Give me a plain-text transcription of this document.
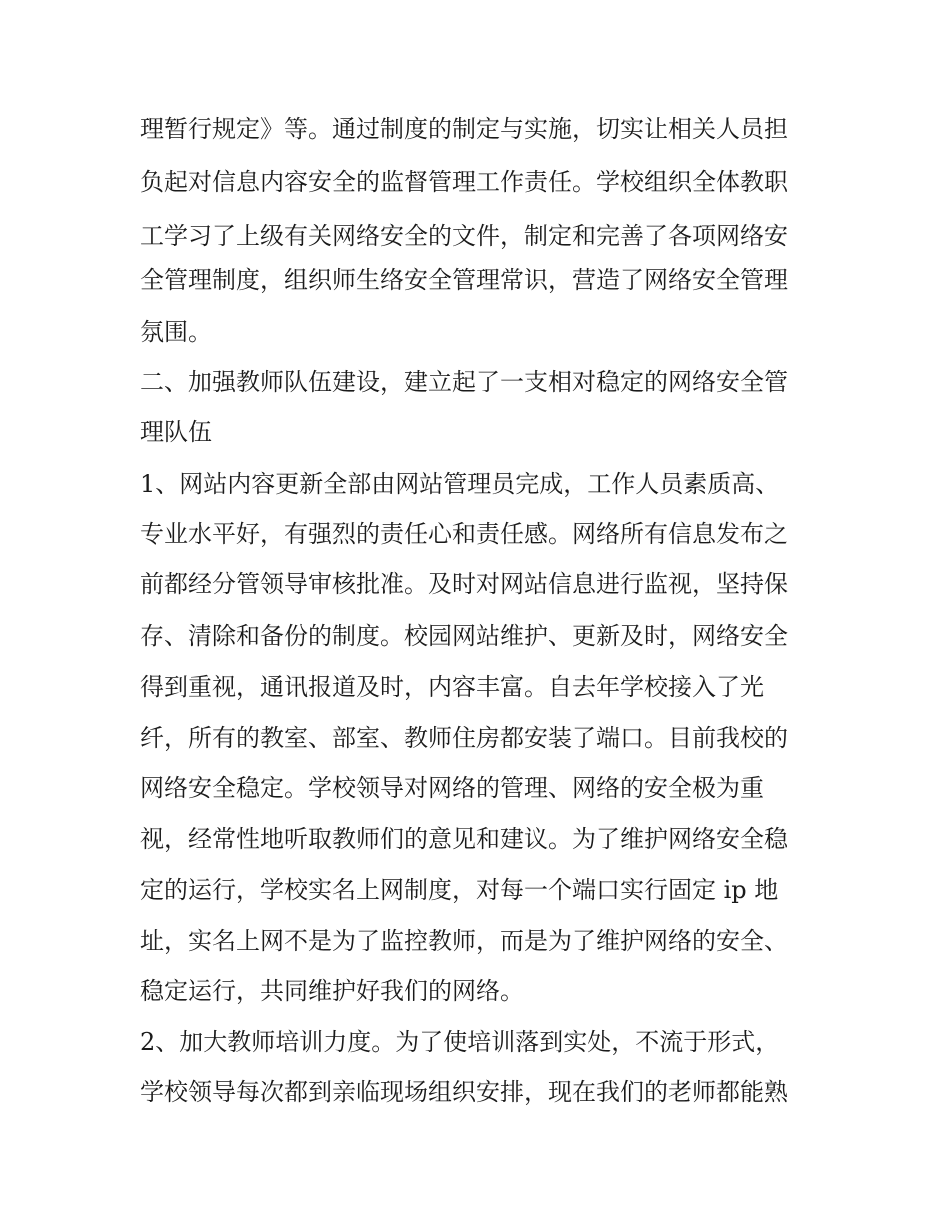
理暂行规定》等。通过制度的制定与实施，切实让相关人员担
负起对信息内容安全的监督管理工作责任。学校组织全体教职
工学习了上级有关网络安全的文件，制定和完善了各项网络安
全管理制度，组织师生络安全管理常识，营造了网络安全管理
氛围。
二、加强教师队伍建设，建立起了一支相对稳定的网络安全管
理队伍
1、网站内容更新全部由网站管理员完成，工作人员素质高、
专业水平好，有强烈的责任心和责任感。网络所有信息发布之
前都经分管领导审核批准。及时对网站信息进行监视，坚持保
存、清除和备份的制度。校园网站维护、更新及时，网络安全
得到重视，通讯报道及时，内容丰富。自去年学校接入了光
纤，所有的教室、部室、教师住房都安装了端口。目前我校的
网络安全稳定。学校领导对网络的管理、网络的安全极为重
视，经常性地听取教师们的意见和建议。为了维护网络安全稳
定的运行，学校实名上网制度，对每一个端口实行固定 ip 地
址，实名上网不是为了监控教师，而是为了维护网络的安全、
稳定运行，共同维护好我们的网络。
2、加大教师培训力度。为了使培训落到实处，不流于形式，
学校领导每次都到亲临现场组织安排，现在我们的老师都能熟
